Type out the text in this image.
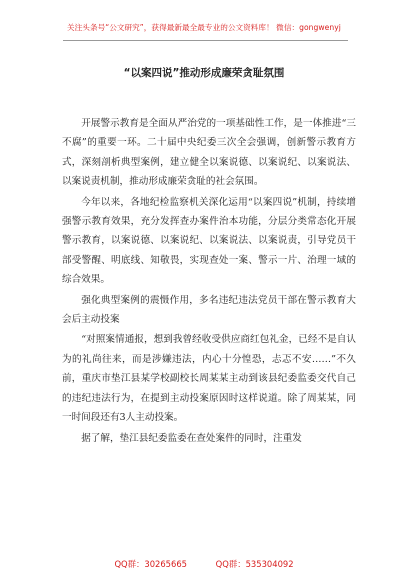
关注头条号“公文研究”，获得最新最全最专业的公文资料库！ 微信：gongwenyj
“以案四说”推动形成廉荣贪耻氛围

开展警示教育是全面从严治党的一项基础性工作，是一体推进“三不腐”的重要一环。二十届中央纪委三次全会强调，创新警示教育方式，深刻剖析典型案例，建立健全以案说德、以案说纪、以案说法、以案说责机制，推动形成廉荣贪耻的社会氛围。

今年以来，各地纪检监察机关深化运用“以案四说”机制，持续增强警示教育效果，充分发挥查办案件治本功能，分层分类常态化开展警示教育，以案说德、以案说纪、以案说法、以案说责，引导党员干部受警醒、明底线、知敬畏，实现查处一案、警示一片、治理一域的综合效果。

强化典型案例的震慑作用，多名违纪违法党员干部在警示教育大会后主动投案

“对照案情通报，想到我曾经收受供应商红包礼金，已经不是自认为的礼尚往来，而是涉嫌违法，内心十分惶恐，忐忑不安……”不久前，重庆市垫江县某学校副校长周某某主动到该县纪委监委交代自己的违纪违法行为，在提到主动投案原因时这样说道。除了周某某，同一时间段还有3人主动投案。

据了解，垫江县纪委监委在查处案件的同时，注重发

QQ群：30265665	QQ群：535304092
